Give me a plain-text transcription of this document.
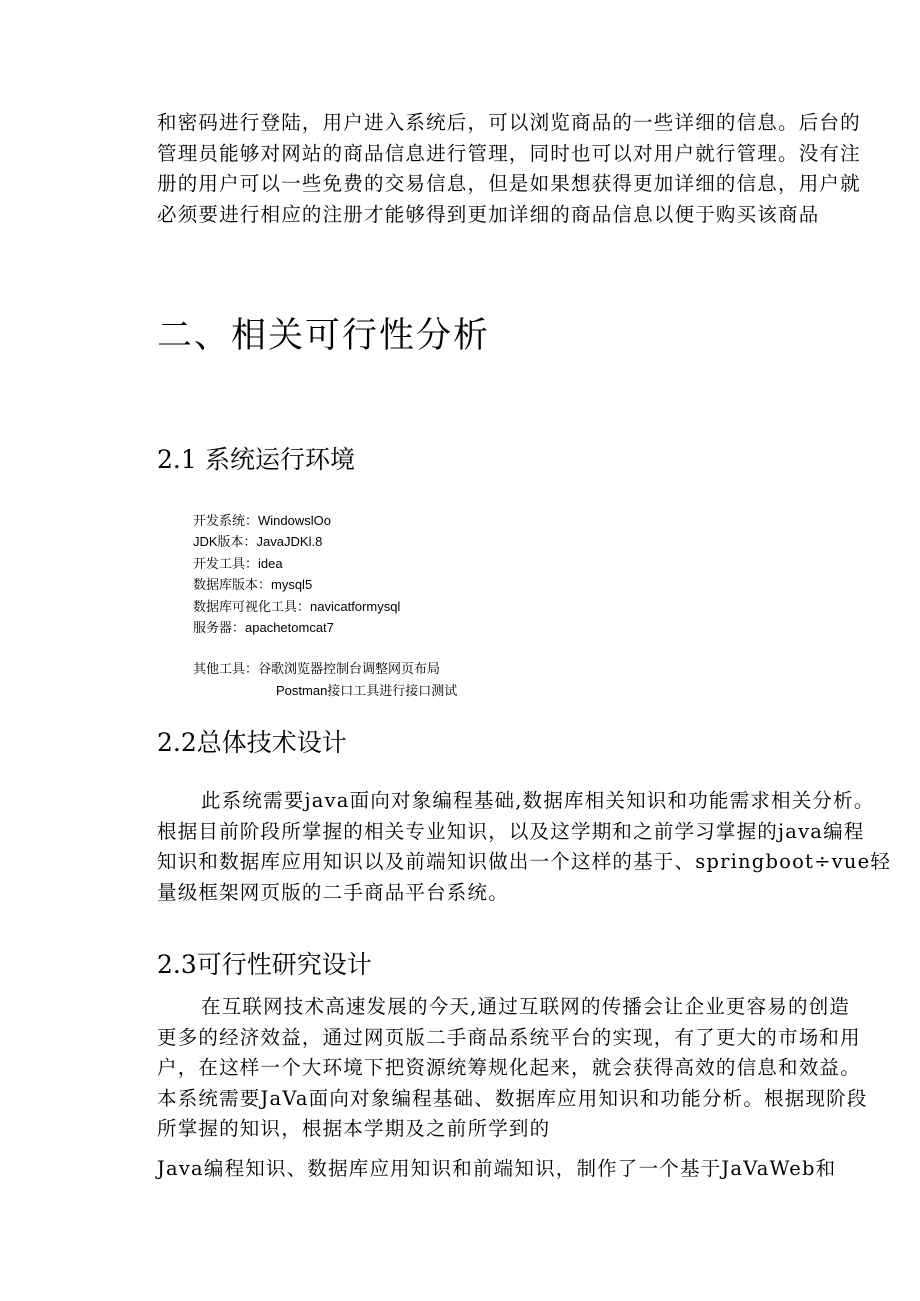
和密码进行登陆，用户进入系统后，可以浏览商品的一些详细的信息。后台的
管理员能够对网站的商品信息进行管理，同时也可以对用户就行管理。没有注
册的用户可以一些免费的交易信息，但是如果想获得更加详细的信息，用户就
必须要进行相应的注册才能够得到更加详细的商品信息以便于购买该商品
二、相关可行性分析
2.1 系统运行环境
开发系统：WindowslOo
JDK版本：JavaJDKl.8
开发工具：idea
数据库版本：mysql5
数据库可视化工具：navicatformysql
服务器：apachetomcat7
其他工具：谷歌浏览器控制台调整网页布局
Postman接口工具进行接口测试
2.2总体技术设计
此系统需要java面向对象编程基础,数据库相关知识和功能需求相关分析。
根据目前阶段所掌握的相关专业知识，以及这学期和之前学习掌握的java编程
知识和数据库应用知识以及前端知识做出一个这样的基于、springboot÷vue轻
量级框架网页版的二手商品平台系统。
2.3可行性研究设计
在互联网技术高速发展的今天,通过互联网的传播会让企业更容易的创造
更多的经济效益，通过网页版二手商品系统平台的实现，有了更大的市场和用
户，在这样一个大环境下把资源统筹规化起来，就会获得高效的信息和效益。
本系统需要JaVa面向对象编程基础、数据库应用知识和功能分析。根据现阶段
所掌握的知识，根据本学期及之前所学到的
Java编程知识、数据库应用知识和前端知识，制作了一个基于JaVaWeb和
